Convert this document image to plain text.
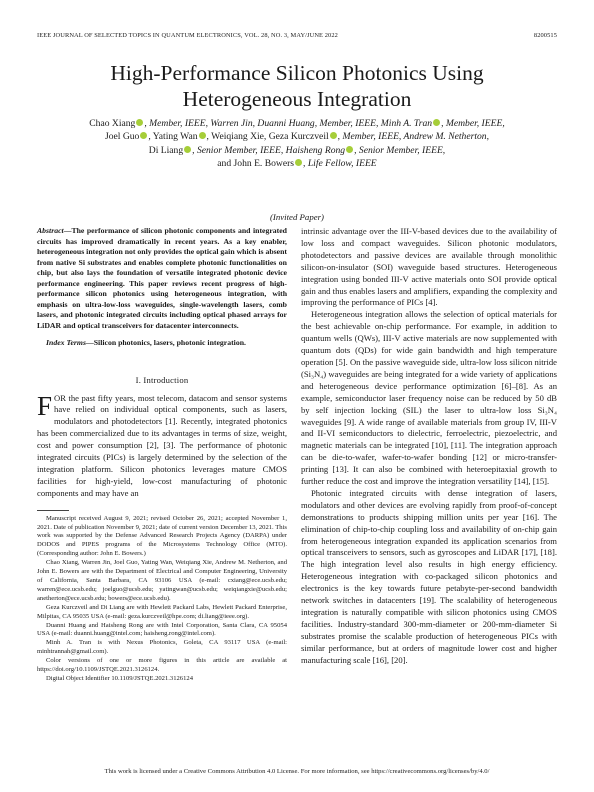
IEEE JOURNAL OF SELECTED TOPICS IN QUANTUM ELECTRONICS, VOL. 28, NO. 3, MAY/JUNE 2022	8200515
High-Performance Silicon Photonics Using
Heterogeneous Integration
Chao Xiang , Member, IEEE, Warren Jin, Duanni Huang, Member, IEEE, Minh A. Tran , Member, IEEE,
Joel Guo , Yating Wan , Weiqiang Xie, Geza Kurczveil , Member, IEEE, Andrew M. Netherton,
Di Liang , Senior Member, IEEE, Haisheng Rong , Senior Member, IEEE,
and John E. Bowers , Life Fellow, IEEE
(Invited Paper)

Abstract—The performance of silicon photonic components and integrated circuits has improved dramatically in recent years. As a key enabler, heterogeneous integration not only provides the optical gain which is absent from native Si substrates and enables complete photonic functionalities on chip, but also lays the foundation of versatile integrated photonic device performance engineering. This paper reviews recent progress of high-performance silicon photonics using heterogeneous integration, with emphasis on ultra-low-loss waveguides, single-wavelength lasers, comb lasers, and photonic integrated circuits including optical phased arrays for LiDAR and optical transceivers for datacenter interconnects.

Index Terms—Silicon photonics, lasers, photonic integration.

I. Introduction

FOR the past fifty years, most telecom, datacom and sensor systems have relied on individual optical components, such as lasers, modulators and photodetectors [1]. Recently, integrated photonics has been commercialized due to its advantages in terms of size, weight, cost and power consumption [2], [3]. The performance of photonic integrated circuits (PICs) is largely determined by the selection of the integration platform. Silicon photonics leverages mature CMOS facilities for high-yield, low-cost manufacturing of photonic components and may have an

Manuscript received August 9, 2021; revised October 26, 2021; accepted November 1, 2021. Date of publication November 9, 2021; date of current version December 13, 2021. This work was supported by the Defense Advanced Research Projects Agency (DARPA) under DODOS and PIPES programs of the Microsystems Technology Office (MTO). (Corresponding author: John E. Bowers.)

Chao Xiang, Warren Jin, Joel Guo, Yating Wan, Weiqiang Xie, Andrew M. Netherton, and John E. Bowers are with the Department of Electrical and Computer Engineering, University of California, Santa Barbara, CA 93106 USA (e-mail: cxiang@ece.ucsb.edu; warren@ece.ucsb.edu; joelguo@ucsb.edu; yatingwan@ucsb.edu; weiqiangxie@ucsb.edu; anetherton@ece.ucsb.edu; bowers@ece.ucsb.edu).

Geza Kurczveil and Di Liang are with Hewlett Packard Labs, Hewlett Packard Enterprise, Milpitas, CA 95035 USA (e-mail: geza.kurczveil@hpe.com; di.liang@ieee.org).

Duanni Huang and Haisheng Rong are with Intel Corporation, Santa Clara, CA 95054 USA (e-mail: duanni.huang@intel.com; haisheng.rong@intel.com).

Minh A. Tran is with Nexus Photonics, Goleta, CA 93117 USA (e-mail: minhtrannah@gmail.com).

Color versions of one or more figures in this article are available at https://doi.org/10.1109/JSTQE.2021.3126124.

Digital Object Identifier 10.1109/JSTQE.2021.3126124

intrinsic advantage over the III-V-based devices due to the availability of low loss and compact waveguides. Silicon photonic modulators, photodetectors and passive devices are available through monolithic silicon-on-insulator (SOI) waveguide based structures. Heterogeneous integration using bonded III-V active materials onto SOI provide optical gain and thus enables lasers and amplifiers, expanding the complexity and improving the performance of PICs [4].

Heterogeneous integration allows the selection of optical materials for the best achievable on-chip performance. For example, in addition to quantum wells (QWs), III-V active materials are now supplemented with quantum dots (QDs) for wide gain bandwidth and high temperature operation [5]. On the passive waveguide side, ultra-low loss silicon nitride (Si₃N₄) waveguides are being integrated for a wide variety of applications and heterogeneous device performance optimization [6]–[8]. As an example, semiconductor laser frequency noise can be reduced by 50 dB by self injection locking (SIL) the laser to ultra-low loss Si₃N₄ waveguides [9]. A wide range of available materials from group IV, III-V and II-VI semiconductors to dielectric, ferroelectric, piezoelectric, and magnetic materials can be integrated [10], [11]. The integration approach can be die-to-wafer, wafer-to-wafer bonding [12] or micro-transfer-printing [13]. It can also be combined with heteroepitaxial growth to further reduce the cost and improve the integration versatility [14], [15].

Photonic integrated circuits with dense integration of lasers, modulators and other devices are evolving rapidly from proof-of-concept demonstrations to products shipping million units per year [16]. The elimination of chip-to-chip coupling loss and availability of on-chip gain from heterogeneous integration expanded its application scenarios from optical transceivers to sensors, such as gyroscopes and LiDAR [17], [18]. The high integration level also results in high energy efficiency. Heterogeneous integration with co-packaged silicon photonics and electronics is the key towards future petabyte-per-second bandwidth network switches in datacenters [19]. The scalability of heterogeneous integration is naturally compatible with silicon photonics using CMOS facilities. Industry-standard 300-mm-diameter or 200-mm-diameter Si substrates promise the scalable production of heterogeneous PICs with similar performance, but at orders of magnitude lower cost and higher manufacturing scale [16], [20].

This work is licensed under a Creative Commons Attribution 4.0 License. For more information, see https://creativecommons.org/licenses/by/4.0/
